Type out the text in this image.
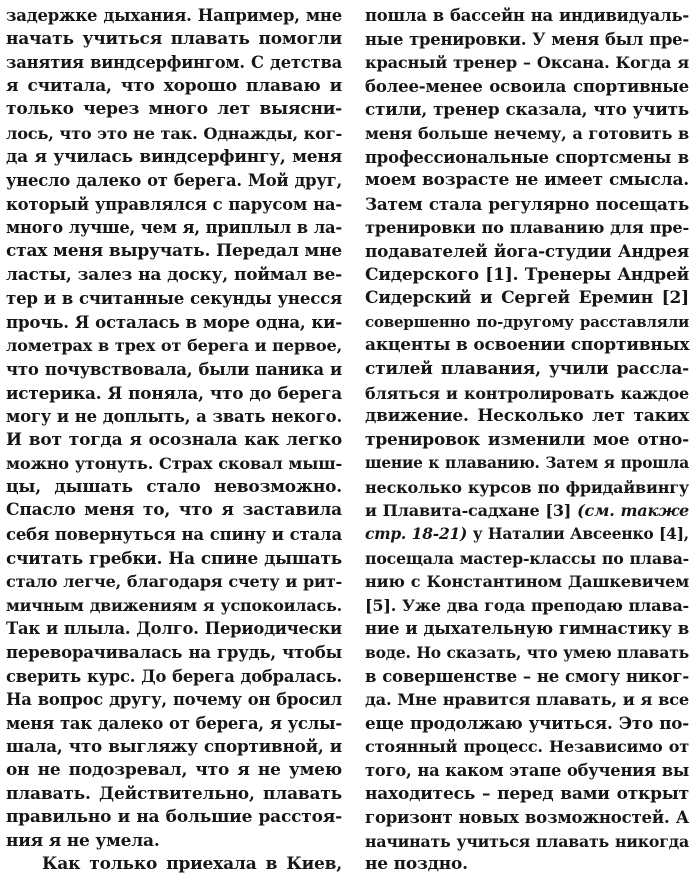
задержке дыхания. Например, мне
начать учиться плавать помогли
занятия виндсерфингом. С детства
я считала, что хорошо плаваю и
только через много лет выясни-
лось, что это не так. Однажды, ког-
да я училась виндсерфингу, меня
унесло далеко от берега. Мой друг,
который управлялся с парусом на-
много лучше, чем я, приплыл в ла-
стах меня выручать. Передал мне
ласты, залез на доску, поймал ве-
тер и в считанные секунды унесся
прочь. Я осталась в море одна, ки-
лометрах в трех от берега и первое,
что почувствовала, были паника и
истерика. Я поняла, что до берега
могу и не доплыть, а звать некого.
И вот тогда я осознала как легко
можно утонуть. Страх сковал мыш-
цы, дышать стало невозможно.
Спасло меня то, что я заставила
себя повернуться на спину и стала
считать гребки. На спине дышать
стало легче, благодаря счету и рит-
мичным движениям я успокоилась.
Так и плыла. Долго. Периодически
переворачивалась на грудь, чтобы
сверить курс. До берега добралась.
На вопрос другу, почему он бросил
меня так далеко от берега, я услы-
шала, что выгляжу спортивной, и
он не подозревал, что я не умею
плавать. Действительно, плавать
правильно и на большие расстоя-
ния я не умела.
Как только приехала в Киев,
пошла в бассейн на индивидуаль-
ные тренировки. У меня был пре-
красный тренер – Оксана. Когда я
более-менее освоила спортивные
стили, тренер сказала, что учить
меня больше нечему, а готовить в
профессиональные спортсмены в
моем возрасте не имеет смысла.
Затем стала регулярно посещать
тренировки по плаванию для пре-
подавателей йога-студии Андрея
Сидерского [1]. Тренеры Андрей
Сидерский и Сергей Еремин [2]
совершенно по-другому расставляли
акценты в освоении спортивных
стилей плавания, учили рассла-
бляться и контролировать каждое
движение. Несколько лет таких
тренировок изменили мое отно-
шение к плаванию. Затем я прошла
несколько курсов по фридайвингу
и Плавита-садхане [3] (см. также
стр. 18-21) у Наталии Авсеенко [4],
посещала мастер-классы по плава-
нию с Константином Дашкевичем
[5]. Уже два года преподаю плава-
ние и дыхательную гимнастику в
воде. Но сказать, что умею плавать
в совершенстве – не смогу никог-
да. Мне нравится плавать, и я все
еще продолжаю учиться. Это по-
стоянный процесс. Независимо от
того, на каком этапе обучения вы
находитесь – перед вами открыт
горизонт новых возможностей. А
начинать учиться плавать никогда
не поздно.
